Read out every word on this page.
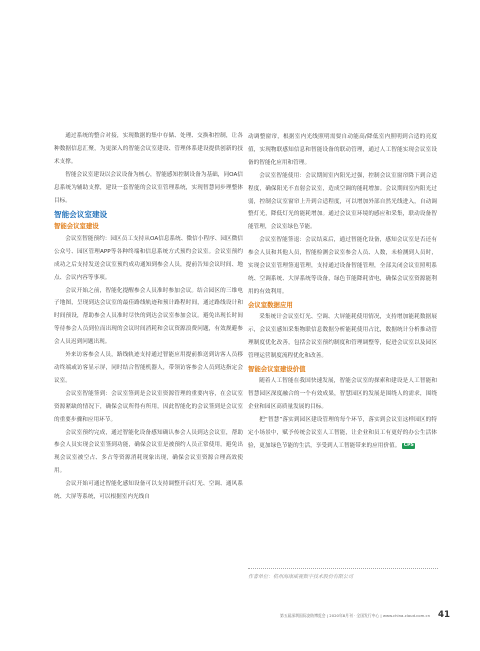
通过系统的整合对接，实现数据的集中存储、处理、交换和控制，让各种数据信息汇聚，为更深入的智能会议室建设、管理体系建设提供创新的技术支撑。

智能会议室建设以会议设备为核心，智能感知控制设备为基础，同OA信息系统为辅助支撑，建设一套智能的会议室管理系统，实现智慧同步理整体目标。

智能会议室建设
智能会议室建设

会议室智能预约：园区员工支持从OA信息系统、微信小程序、园区微信公众号、园区管理APP等各种终端和信息系统方式预约会议室。会议室预约成功之后支持发送会议室预约成功通知到参会人员，提前告知会议时间、地点、会议内容等事项。

会议开始之前，智能化提醒参会人员准时参加会议。结合园区的三维电子地图，呈现到达会议室的最佳路线轨迹和预计路程时间，通过路线设计和时间预设，帮助参会人员准时尽快的到达会议室参加会议。避免出现长时间等待参会人员到位而出现的会议时间消耗和会议资源浪费问题，有效规避参会人员迟到问题出现。

外来访客参会人员，路线轨迹支持通过智能应用提前推送到访客人员移动终端或访客显示屏，同时结合智能机器人，带领访客参会人员到达指定会议室。

会议室智能签到：会议室签到是会议室资源管理的重要内容，在会议室资源紧缺的情况下，确保会议所得有所用，因此智能化的会议签到是会议室的重要步骤和应用环节。

会议室预约完成，通过智能化设备感知确认参会人员到达会议室，帮助参会人员实现会议室签到功能，确保会议室是被预约人员正常使用，避免出现会议室被空占、多占等资源消耗现象出现，确保会议室资源合理高效使用。

会议开始可通过智能化感知设备可以支持调整开启灯光、空调、通风系统、大屏等系统，可以根据室内光线自

动调整窗帘，根据室内光线照明需要自动能高/降低室内照明到合适的亮度值，实现物联感知信息和智能设备的联动管理，通过人工智能实现会议室设备的智能化应用和管理。

会议室智能使用：会议期间室内阳光过强，控制会议室窗帘降下到合适程度，确保阳光不直射会议室，造成空调的能耗增加。会议期间室内阳光过弱，控制会议室窗帘上升到合适程度，可以增加外部自然光线进入，自动调整灯光，降低灯光的能耗增加。通过会议室环境的感应和采集，联动设备智能管理，会议室绿色节能。

会议室智能签退：会议结束后，通过智能化设备，感知会议室是否还有参会人员和其他人员，智能检测会议室参会人员、人数，未检测到人员时，实现会议室管理签退管理，支持通过设备智能管理，全部关闭会议室照明系统、空调系统、大屏系统等设备，绿色节能降耗省电，确保会议室资源能利用的有效利用。

会议室数据应用

采集统计会议室灯光、空调、大屏能耗使用情况，支持增加能耗数据展示，会议室感知采集物联信息数据分析能耗使用占比，数据统计分析推动管理制度优化改善，包括会议室预约制度和管理调整等，促进会议室以及园区管理运营制度流程优化和改善。

智能会议室建设价值

随着人工智能在我国快速发展，智能会议室的探索和建设是人工智能和智慧园区深度融合的一个有效成果，智慧园区的发展是围绕人的需求，围绕企业和园区高质量发展的目标。

把“智慧”落实到园区建设管理的每个环节，落实到会议室这样园区的特定小场景中，赋予传统会议室人工智能，让企业和员工有更好的办公生活体验，更加绿色节能的生活，享受到人工智能带来的应用价值。 CPS

作者单位：杭州海康威视数字技术股份有限公司

第五届深圳国际安防博览会 | 2020年8月刊 · 全国发行中心 | www.china-cloud.com.cn 41
